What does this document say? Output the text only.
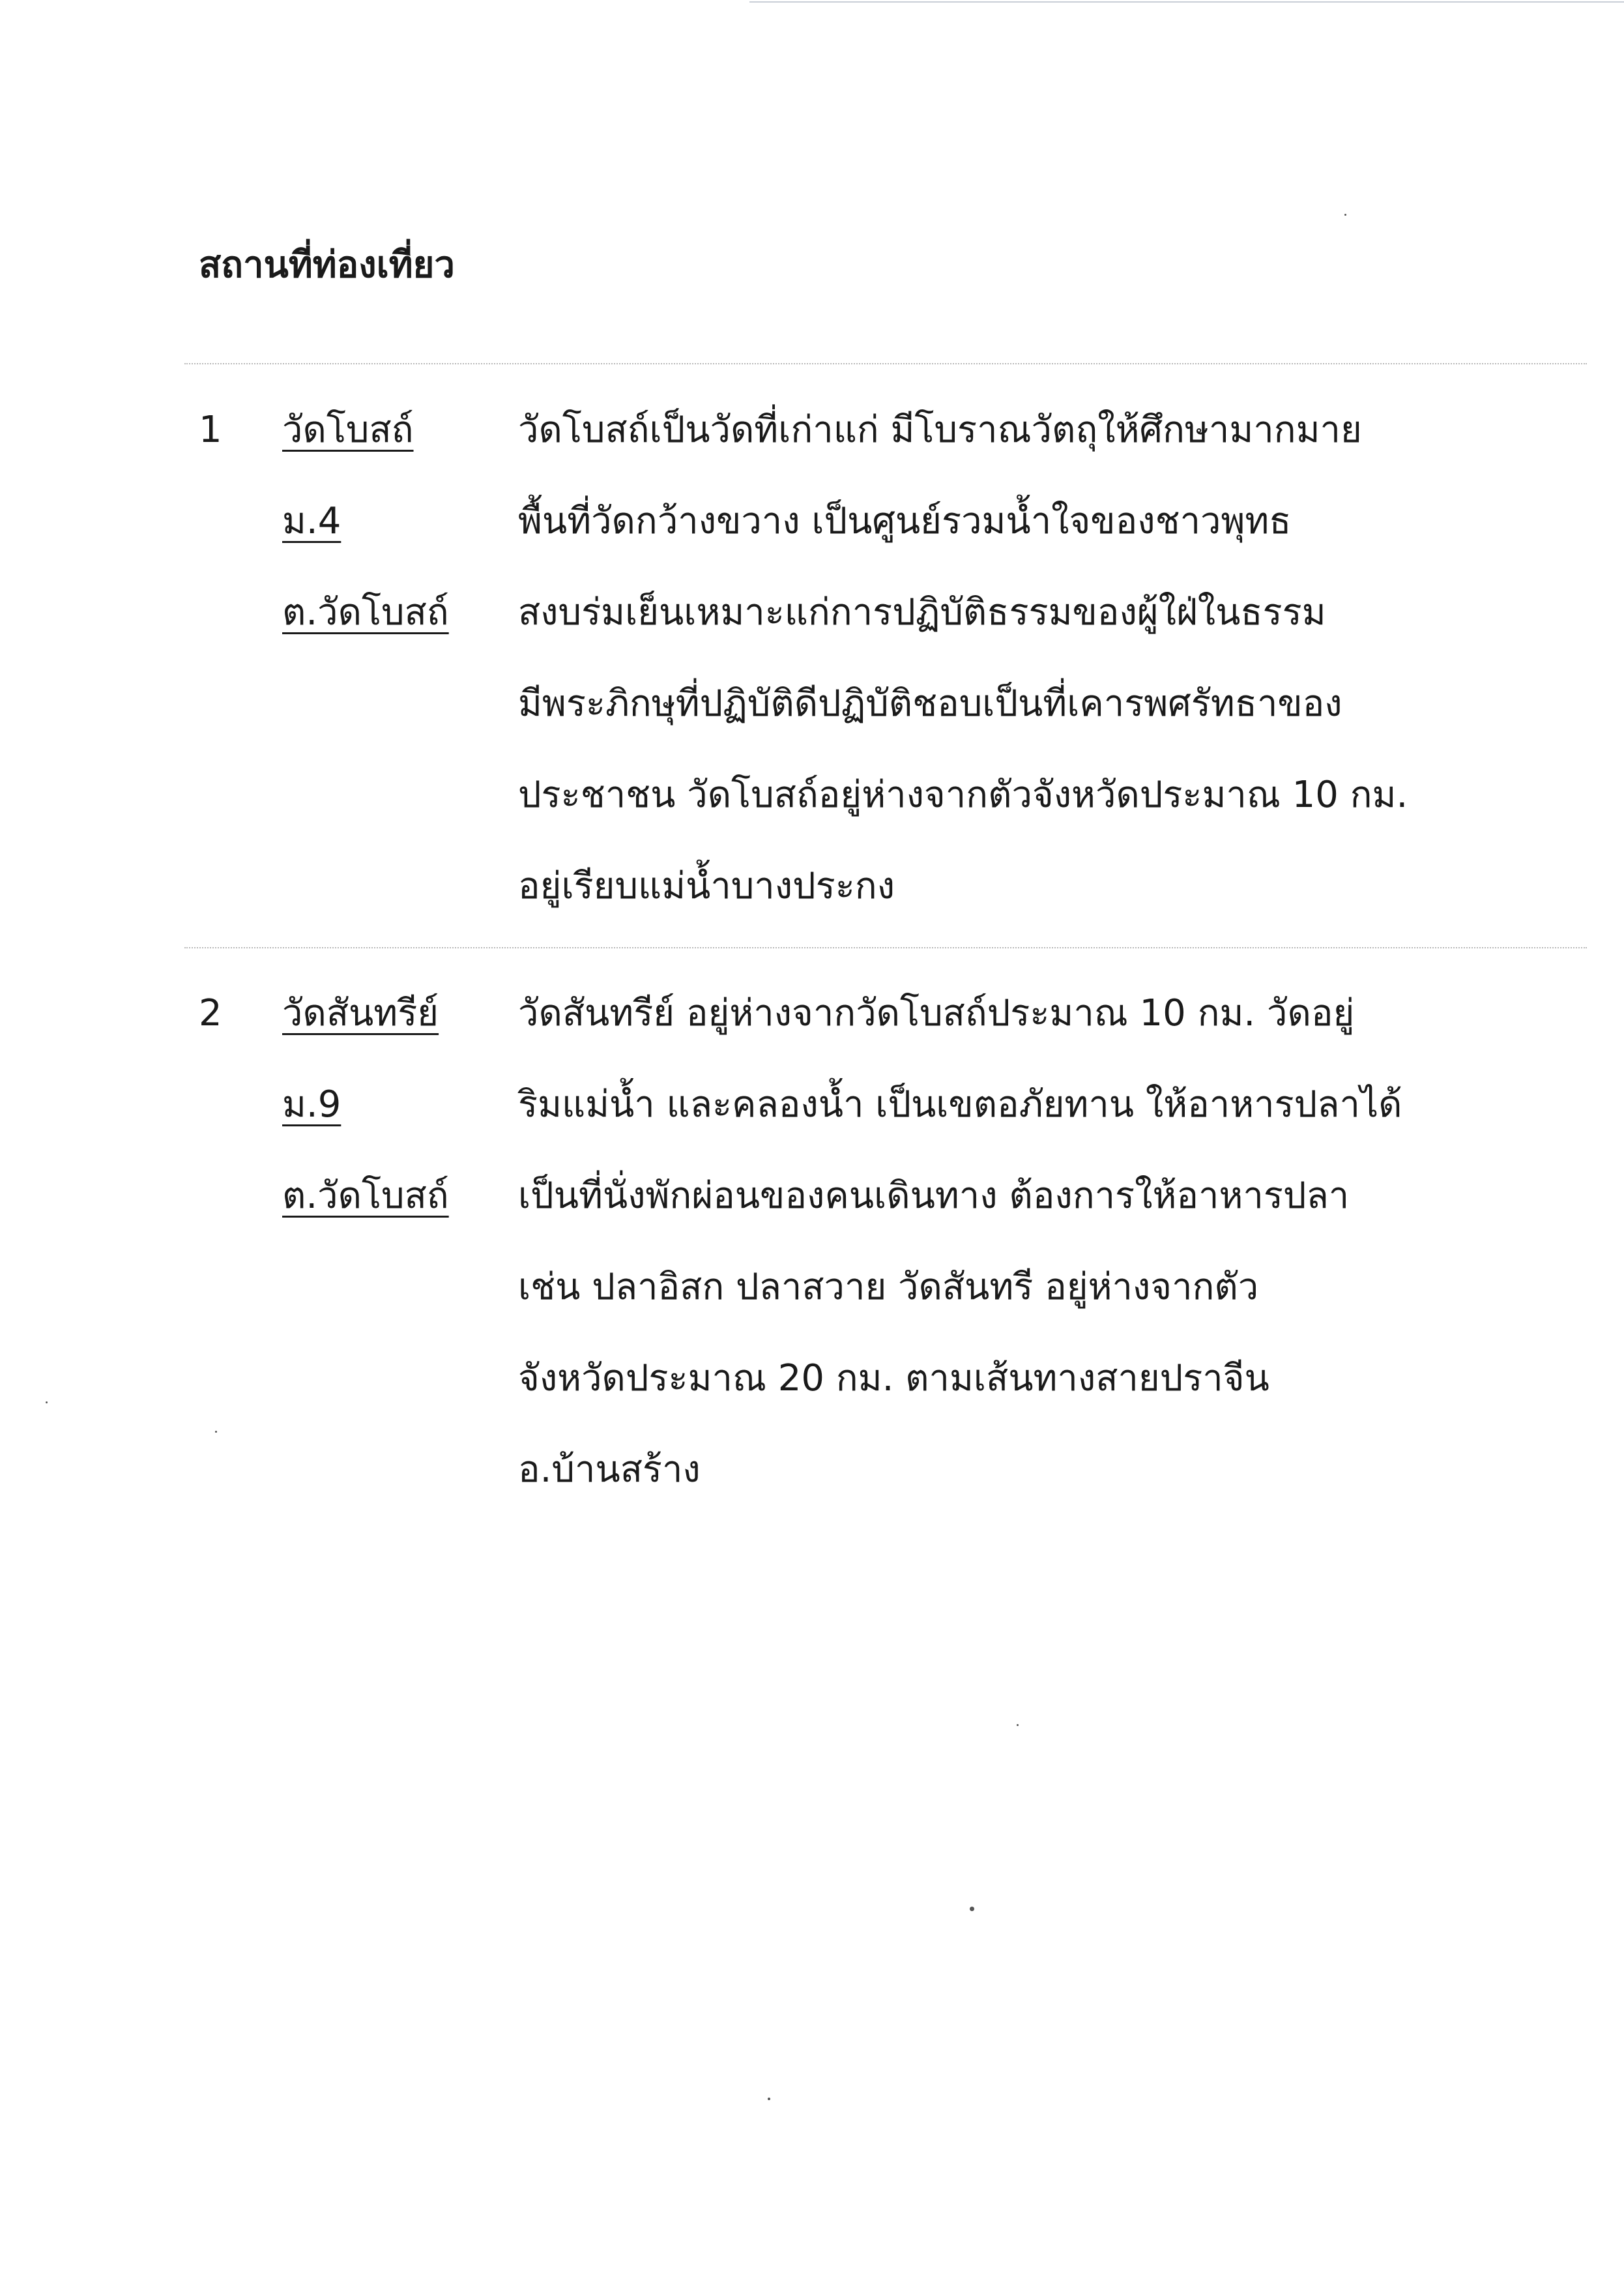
สถานที่ท่องเที่ยว
1 วัดโบสถ์
ม.4
ต.วัดโบสถ์
วัดโบสถ์เป็นวัดที่เก่าแก่ มีโบราณวัตถุให้ศึกษามากมาย
พื้นที่วัดกว้างขวาง เป็นศูนย์รวมน้ำใจของชาวพุทธ
สงบร่มเย็นเหมาะแก่การปฏิบัติธรรมของผู้ใฝ่ในธรรม
มีพระภิกษุที่ปฏิบัติดีปฏิบัติชอบเป็นที่เคารพศรัทธาของ
ประชาชน วัดโบสถ์อยู่ห่างจากตัวจังหวัดประมาณ 10 กม.
อยู่เรียบแม่น้ำบางประกง
2 วัดสันทรีย์
ม.9
ต.วัดโบสถ์
วัดสันทรีย์ อยู่ห่างจากวัดโบสถ์ประมาณ 10 กม. วัดอยู่
ริมแม่น้ำ และคลองน้ำ เป็นเขตอภัยทาน ให้อาหารปลาได้
เป็นที่นั่งพักผ่อนของคนเดินทาง ต้องการให้อาหารปลา
เช่น ปลาอิสก ปลาสวาย วัดสันทรี อยู่ห่างจากตัว
จังหวัดประมาณ 20 กม. ตามเส้นทางสายปราจีน
อ.บ้านสร้าง
